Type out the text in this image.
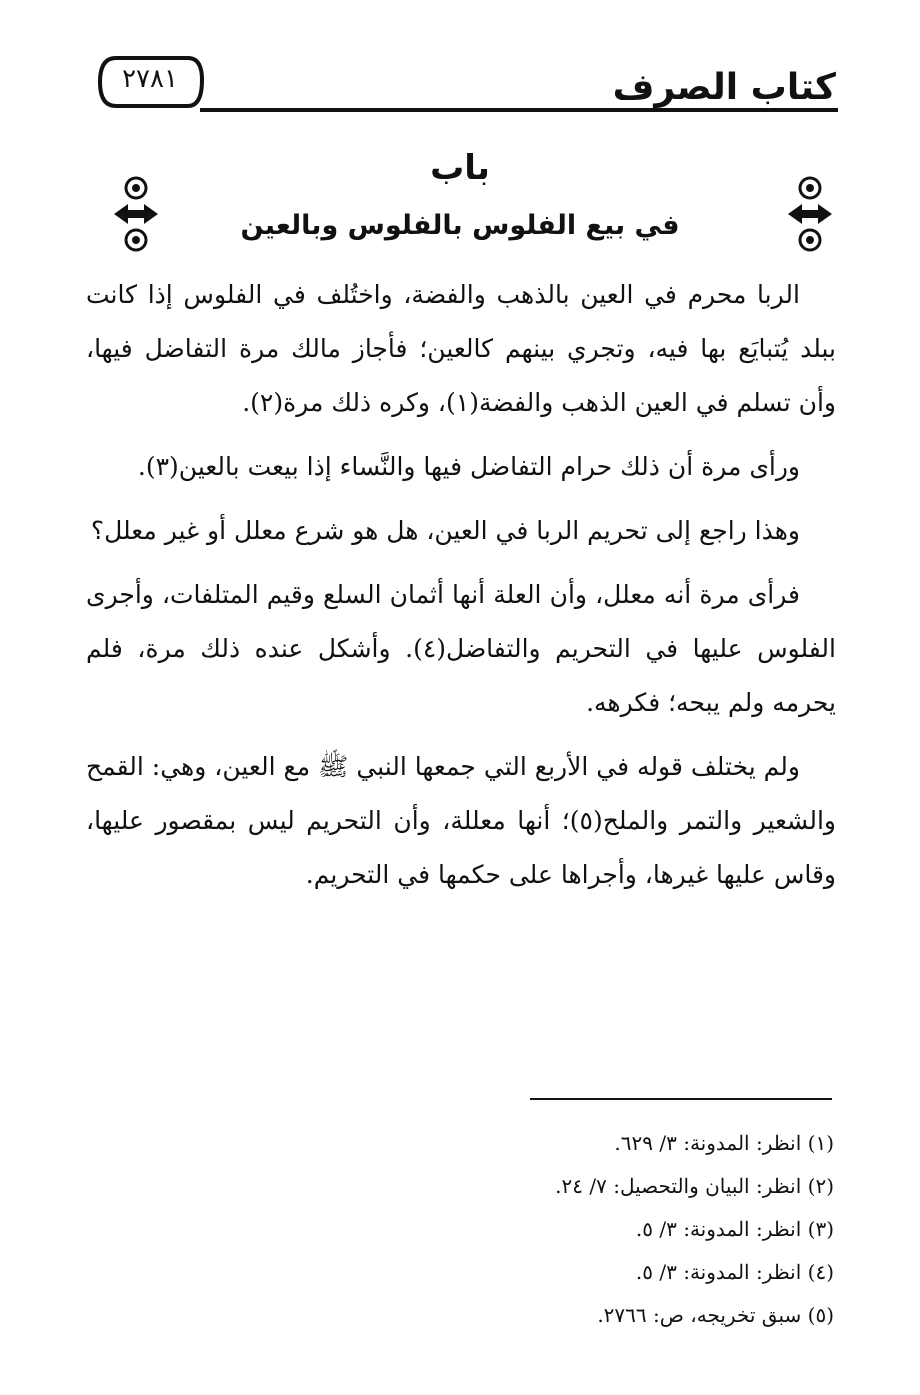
كتاب الصرف
٢٧٨١
باب
في بيع الفلوس بالفلوس وبالعين

الربا محرم في العين بالذهب والفضة، واختُلف في الفلوس إذا كانت ببلد يُتبايَع بها فيه، وتجري بينهم كالعين؛ فأجاز مالك مرة التفاضل فيها، وأن تسلم في العين الذهب والفضة(١)، وكره ذلك مرة(٢).

ورأى مرة أن ذلك حرام التفاضل فيها والنَّساء إذا بيعت بالعين(٣).

وهذا راجع إلى تحريم الربا في العين، هل هو شرع معلل أو غير معلل؟

فرأى مرة أنه معلل، وأن العلة أنها أثمان السلع وقيم المتلفات، وأجرى الفلوس عليها في التحريم والتفاضل(٤). وأشكل عنده ذلك مرة، فلم يحرمه ولم يبحه؛ فكرهه.

ولم يختلف قوله في الأربع التي جمعها النبي ﷺ مع العين، وهي: القمح والشعير والتمر والملح(٥)؛ أنها معللة، وأن التحريم ليس بمقصور عليها، وقاس عليها غيرها، وأجراها على حكمها في التحريم.

(١) انظر: المدونة: ٣/ ٦٢٩.

(٢) انظر: البيان والتحصيل: ٧/ ٢٤.

(٣) انظر: المدونة: ٣/ ٥.

(٤) انظر: المدونة: ٣/ ٥.

(٥) سبق تخريجه، ص: ٢٧٦٦.
